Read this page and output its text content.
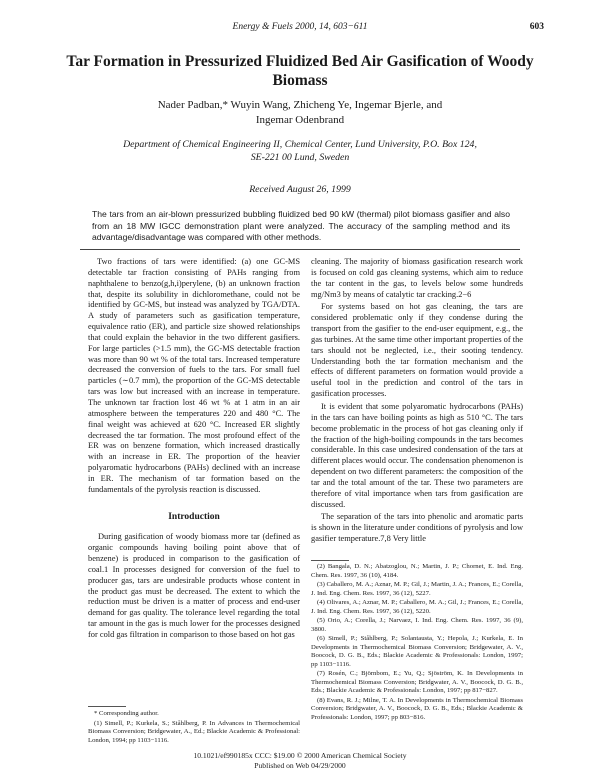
Energy & Fuels 2000, 14, 603−611	603
Tar Formation in Pressurized Fluidized Bed Air Gasification of Woody Biomass
Nader Padban,* Wuyin Wang, Zhicheng Ye, Ingemar Bjerle, and
Ingemar Odenbrand
Department of Chemical Engineering II, Chemical Center, Lund University, P.O. Box 124,
SE-221 00 Lund, Sweden
Received August 26, 1999
The tars from an air-blown pressurized bubbling fluidized bed 90 kW (thermal) pilot biomass gasifier and also from an 18 MW IGCC demonstration plant were analyzed. The accuracy of the sampling method and its advantage/disadvantage was compared with other methods.

Two fractions of tars were identified: (a) one GC-MS detectable tar fraction consisting of PAHs ranging from naphthalene to benzo(g,h,i)perylene, (b) an unknown fraction that, despite its solubility in dichloromethane, could not be identified by GC-MS, but instead was analyzed by TGA/DTA. A study of parameters such as gasification temperature, equivalence ratio (ER), and particle size showed relationships that could explain the behavior in the two different gasifiers. For large particles (>1.5 mm), the GC-MS detectable fraction was more than 90 wt % of the total tars. Increased temperature decreased the conversion of fuels to the tars. For small fuel particles (∼0.7 mm), the proportion of the GC-MS detectable tars was low but increased with an increase in temperature. The unknown tar fraction lost 46 wt % at 1 atm in an air atmosphere between the temperatures 220 and 480 °C. The final weight was achieved at 620 °C. Increased ER slightly decreased the tar formation. The most profound effect of the ER was on benzene formation, which increased drastically with an increase in ER. The proportion of the heavier polyaromatic hydrocarbons (PAHs) declined with an increase in ER. The mechanism of tar formation based on the fundamentals of the pyrolysis reaction is discussed.

Introduction

During gasification of woody biomass more tar (defined as organic compounds having boiling point above that of benzene) is produced in comparison to the gasification of coal.1 In processes designed for conversion of the fuel to producer gas, tars are undesirable products whose content in the product gas must be decreased. The extent to which the reduction must be driven is a matter of process and end-user demand for gas quality. The tolerance level regarding the total tar amount in the gas is much lower for the processes designed for cold gas filtration in comparison to those based on hot gas

cleaning. The majority of biomass gasification research work is focused on cold gas cleaning systems, which aim to reduce the tar content in the gas, to levels below some hundreds mg/Nm3 by means of catalytic tar cracking.2−6

For systems based on hot gas cleaning, the tars are considered problematic only if they condense during the transport from the gasifier to the end-user equipment, e.g., the gas turbines. At the same time other important properties of the tars should not be neglected, i.e., their sooting tendency. Understanding both the tar formation mechanism and the effects of different parameters on formation would provide a useful tool in the prediction and control of the tars in gasification processes.

It is evident that some polyaromatic hydrocarbons (PAHs) in the tars can have boiling points as high as 510 °C. The tars become problematic in the process of hot gas cleaning only if the fraction of the high-boiling compounds in the tars becomes considerable. In this case undesired condensation of the tars at different places would occur. The condensation phenomenon is dependent on two different parameters: the composition of the tar and the total amount of the tar. These two parameters are therefore of vital importance when tars from gasification are discussed.

The separation of the tars into phenolic and aromatic parts is shown in the literature under conditions of pyrolysis and low gasifier temperature.7,8 Very little

(2) Bangala, D. N.; Abatzoglou, N.; Martin, J. P.; Chornet, E. Ind. Eng. Chem. Res. 1997, 36 (10), 4184.
(3) Caballero, M. A.; Aznar, M. P.; Gil, J.; Martin, J. A.; Frances, E.; Corella, J. Ind. Eng. Chem. Res. 1997, 36 (12), 5227.
(4) Olivares, A.; Aznar, M. P.; Caballero, M. A.; Gil, J.; Frances, E.; Corella, J. Ind. Eng. Chem. Res. 1997, 36 (12), 5220.
(5) Orio, A.; Corella, J.; Narvaez, I. Ind. Eng. Chem. Res. 1997, 36 (9), 3800.
(6) Simell, P.; Ståhlberg, P.; Solantausta, Y.; Hepola, J.; Kurkela, E. In Developments in Thermochemical Biomass Conversion; Bridgewater, A. V., Boocock, D. G. B., Eds.; Blackie Academic & Professionals: London, 1997; pp 1103−1116.
(7) Rosén, C.; Björnbom, E.; Yu, Q.; Sjöström, K. In Developments in Thermochemical Biomass Conversion; Bridgwater, A. V., Boocock, D. G. B., Eds.; Blackie Academic & Professionals: London, 1997; pp 817−827.
(8) Evans, R. J.; Milne, T. A. In Developments in Thermochemical Biomass Conversion; Bridgwater, A. V., Boocock, D. G. B., Eds.; Blackie Academic & Professionals: London, 1997; pp 803−816.
* Corresponding author.
(1) Simell, P.; Kurkela, S.; Ståhlberg, P. In Advances in Thermochemical Biomass Conversion; Bridgewater, A., Ed.; Blackie Academic & Professional: London, 1994; pp 1103−1116.
10.1021/ef990185x CCC: $19.00 © 2000 American Chemical Society
Published on Web 04/29/2000
